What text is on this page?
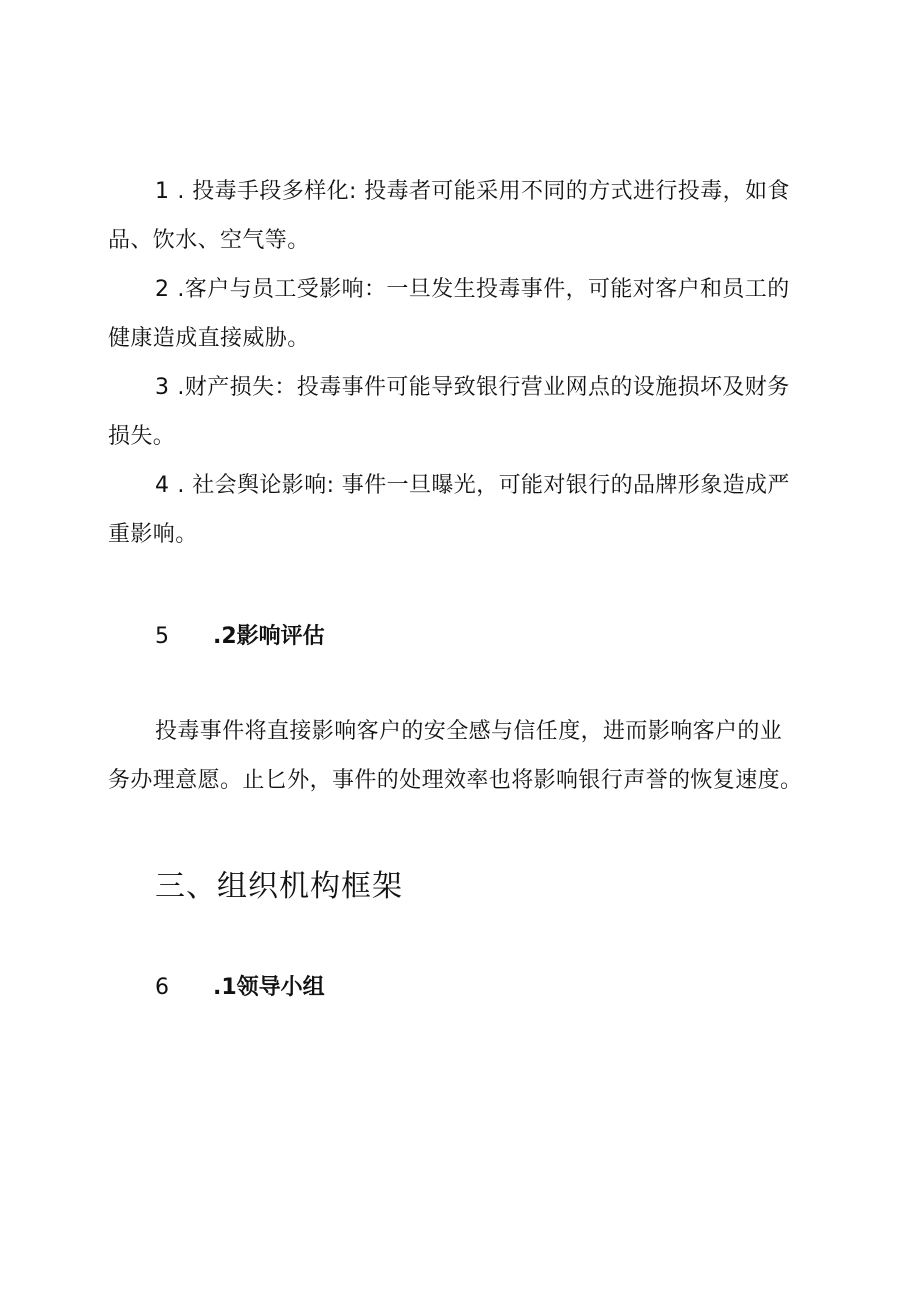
1 . 投毒手段多样化: 投毒者可能采用不同的方式进行投毒，如食
品、饮水、空气等。
2 .客户与员工受影响：一旦发生投毒事件，可能对客户和员工的
健康造成直接威胁。
3 .财产损失：投毒事件可能导致银行营业网点的设施损坏及财务
损失。
4 . 社会舆论影响: 事件一旦曝光，可能对银行的品牌形象造成严
重影响。
5 .2影响评估
投毒事件将直接影响客户的安全感与信任度，进而影响客户的业
务办理意愿。止匕外，事件的处理效率也将影响银行声誉的恢复速度。
三、组织机构框架
6 .1领导小组
